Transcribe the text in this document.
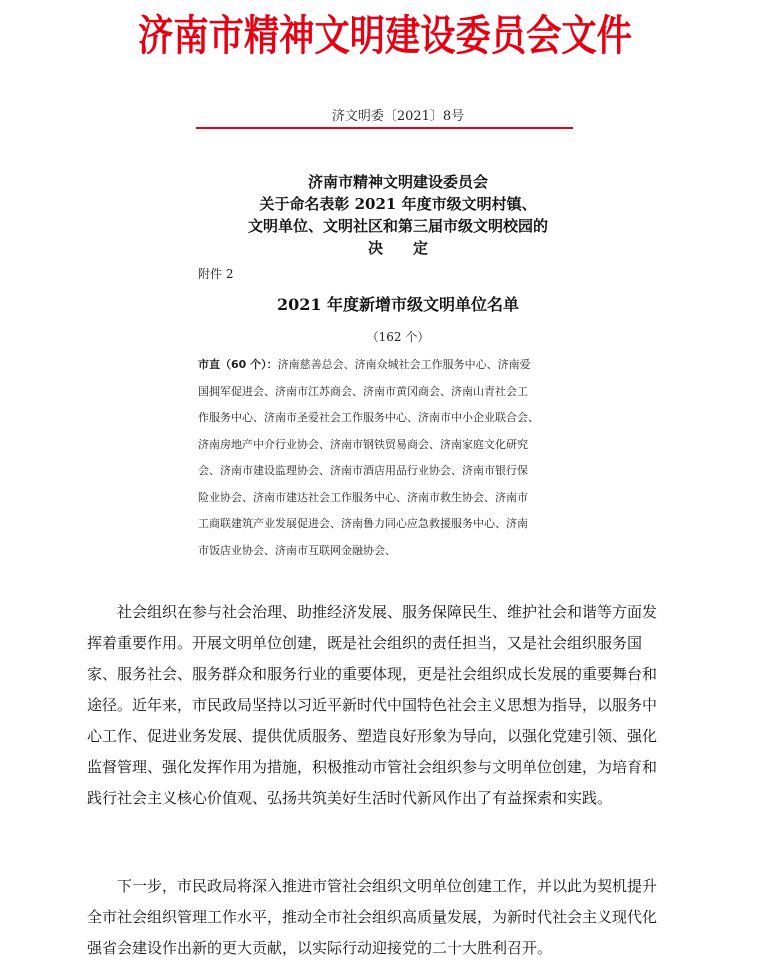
济南市精神文明建设委员会文件
济文明委〔2021〕8号
济南市精神文明建设委员会
关于命名表彰 2021 年度市级文明村镇、
文明单位、文明社区和第三届市级文明校园的
决　　定
附件 2
2021 年度新增市级文明单位名单
（162 个）
市直（60 个）：济南慈善总会、济南众城社会工作服务中心、济南爱
国拥军促进会、济南市江苏商会、济南市黄冈商会、济南山青社会工
作服务中心、济南市圣爱社会工作服务中心、济南市中小企业联合会、
济南房地产中介行业协会、济南市钢铁贸易商会、济南家庭文化研究
会、济南市建设监理协会、济南市酒店用品行业协会、济南市银行保
险业协会、济南市建达社会工作服务中心、济南市救生协会、济南市
工商联建筑产业发展促进会、济南鲁力同心应急救援服务中心、济南
市饭店业协会、济南市互联网金融协会、
　　社会组织在参与社会治理、助推经济发展、服务保障民生、维护社会和谐等方面发
挥着重要作用。开展文明单位创建，既是社会组织的责任担当，又是社会组织服务国
家、服务社会、服务群众和服务行业的重要体现，更是社会组织成长发展的重要舞台和
途径。近年来，市民政局坚持以习近平新时代中国特色社会主义思想为指导，以服务中
心工作、促进业务发展、提供优质服务、塑造良好形象为导向，以强化党建引领、强化
监督管理、强化发挥作用为措施，积极推动市管社会组织参与文明单位创建，为培育和
践行社会主义核心价值观、弘扬共筑美好生活时代新风作出了有益探索和实践。
　　下一步，市民政局将深入推进市管社会组织文明单位创建工作，并以此为契机提升
全市社会组织管理工作水平，推动全市社会组织高质量发展，为新时代社会主义现代化
强省会建设作出新的更大贡献，以实际行动迎接党的二十大胜利召开。
